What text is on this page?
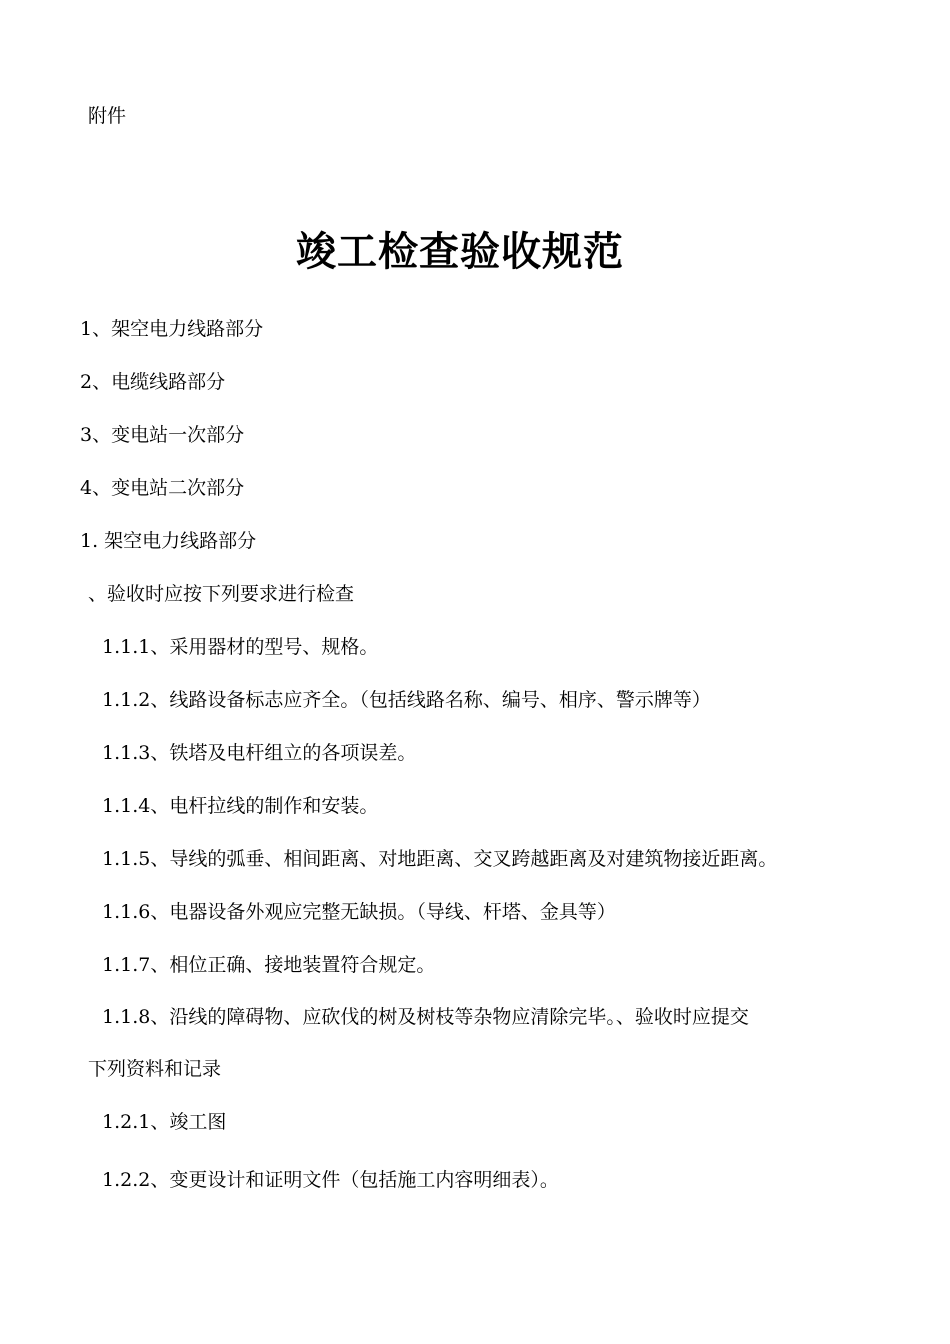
附件
竣工检查验收规范
1、架空电力线路部分
2、电缆线路部分
3、变电站一次部分
4、变电站二次部分
1. 架空电力线路部分
、验收时应按下列要求进行检查
1.1.1、采用器材的型号、规格。
1.1.2、线路设备标志应齐全。（包括线路名称、编号、相序、警示牌等）
1.1.3、铁塔及电杆组立的各项误差。
1.1.4、电杆拉线的制作和安装。
1.1.5、导线的弧垂、相间距离、对地距离、交叉跨越距离及对建筑物接近距离。
1.1.6、电器设备外观应完整无缺损。（导线、杆塔、金具等）
1.1.7、相位正确、接地装置符合规定。
1.1.8、沿线的障碍物、应砍伐的树及树枝等杂物应清除完毕。、验收时应提交
下列资料和记录
1.2.1、竣工图
1.2.2、变更设计和证明文件（包括施工内容明细表）。
